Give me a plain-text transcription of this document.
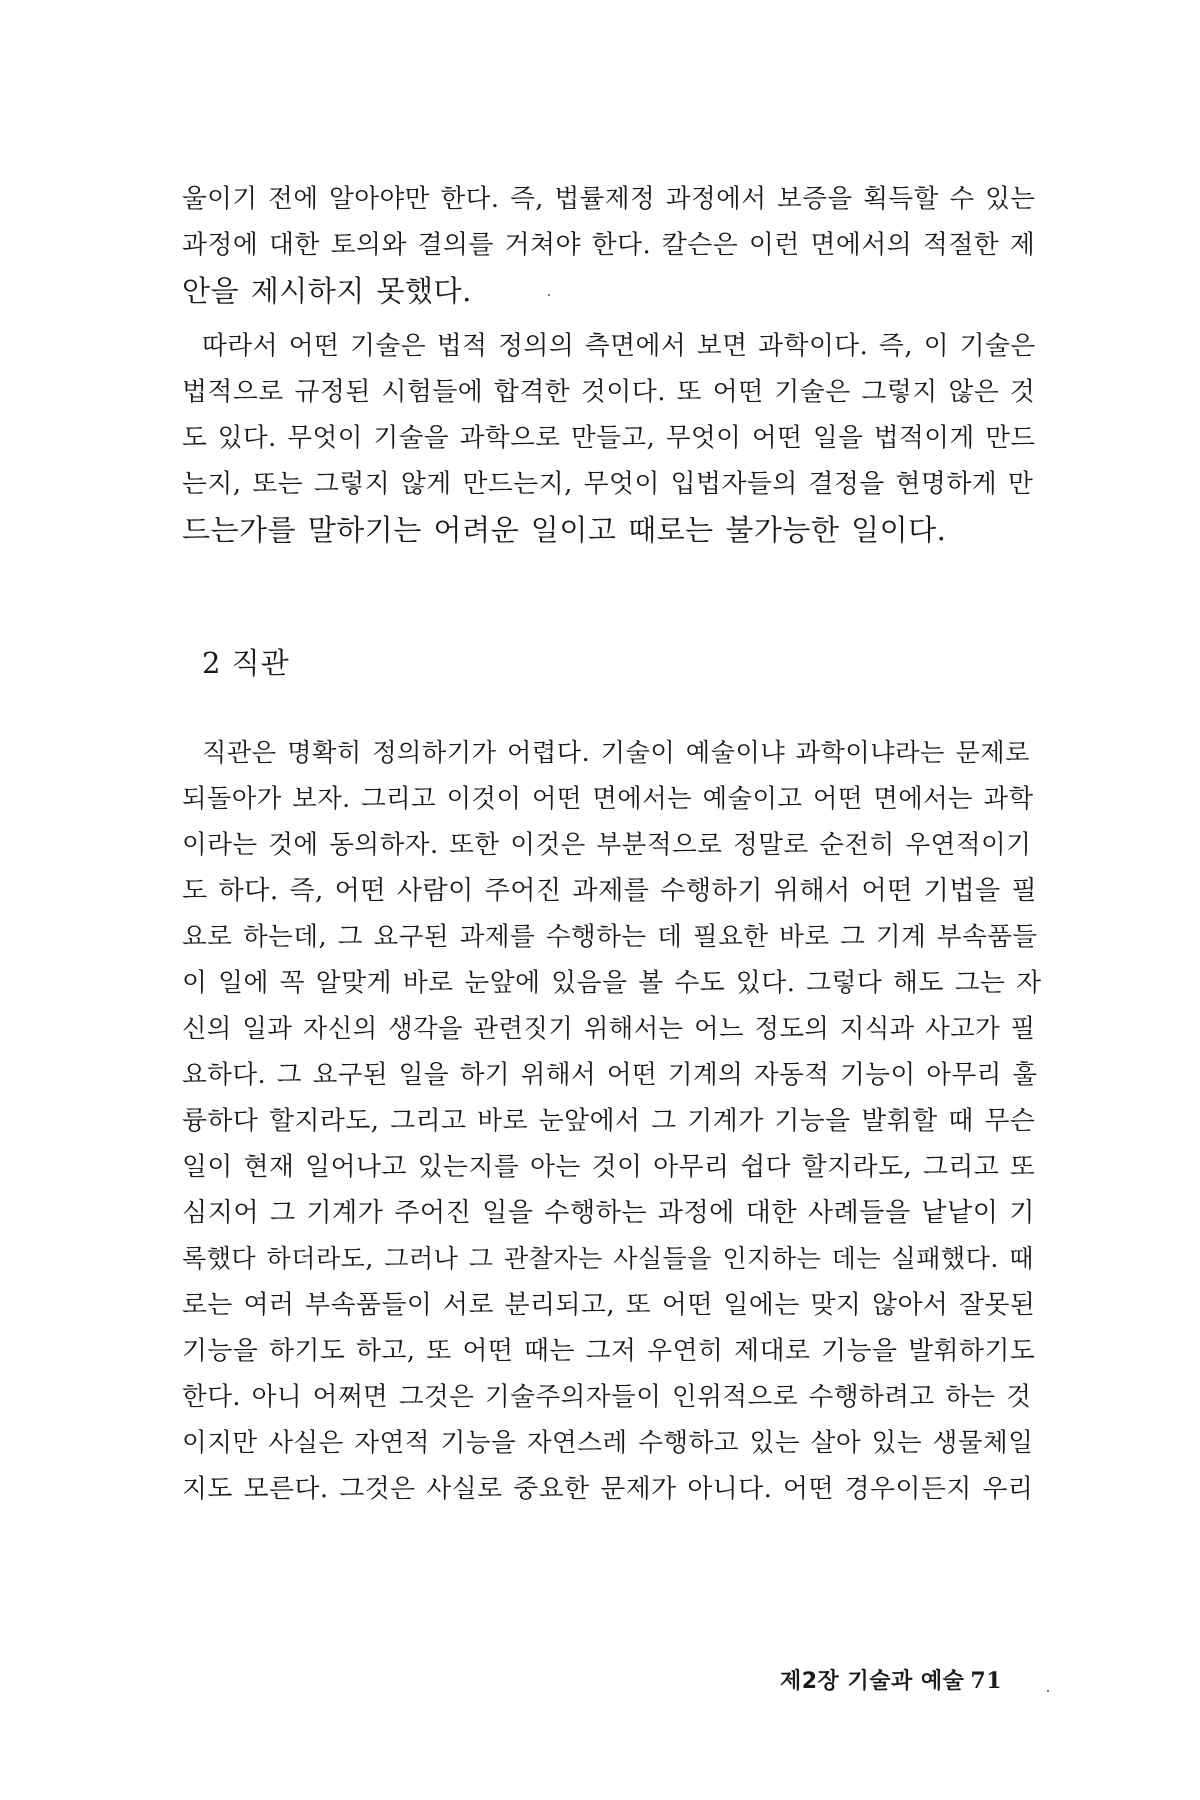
울이기 전에 알아야만 한다. 즉, 법률제정 과정에서 보증을 획득할 수 있는
과정에 대한 토의와 결의를 거쳐야 한다. 칼슨은 이런 면에서의 적절한 제
안을 제시하지 못했다.
따라서 어떤 기술은 법적 정의의 측면에서 보면 과학이다. 즉, 이 기술은
법적으로 규정된 시험들에 합격한 것이다. 또 어떤 기술은 그렇지 않은 것
도 있다. 무엇이 기술을 과학으로 만들고, 무엇이 어떤 일을 법적이게 만드
는지, 또는 그렇지 않게 만드는지, 무엇이 입법자들의 결정을 현명하게 만
드는가를 말하기는 어려운 일이고 때로는 불가능한 일이다.
2 직관
직관은 명확히 정의하기가 어렵다. 기술이 예술이냐 과학이냐라는 문제로
되돌아가 보자. 그리고 이것이 어떤 면에서는 예술이고 어떤 면에서는 과학
이라는 것에 동의하자. 또한 이것은 부분적으로 정말로 순전히 우연적이기
도 하다. 즉, 어떤 사람이 주어진 과제를 수행하기 위해서 어떤 기법을 필
요로 하는데, 그 요구된 과제를 수행하는 데 필요한 바로 그 기계 부속품들
이 일에 꼭 알맞게 바로 눈앞에 있음을 볼 수도 있다. 그렇다 해도 그는 자
신의 일과 자신의 생각을 관련짓기 위해서는 어느 정도의 지식과 사고가 필
요하다. 그 요구된 일을 하기 위해서 어떤 기계의 자동적 기능이 아무리 훌
륭하다 할지라도, 그리고 바로 눈앞에서 그 기계가 기능을 발휘할 때 무슨
일이 현재 일어나고 있는지를 아는 것이 아무리 쉽다 할지라도, 그리고 또
심지어 그 기계가 주어진 일을 수행하는 과정에 대한 사례들을 낱낱이 기
록했다 하더라도, 그러나 그 관찰자는 사실들을 인지하는 데는 실패했다. 때
로는 여러 부속품들이 서로 분리되고, 또 어떤 일에는 맞지 않아서 잘못된
기능을 하기도 하고, 또 어떤 때는 그저 우연히 제대로 기능을 발휘하기도
한다. 아니 어쩌면 그것은 기술주의자들이 인위적으로 수행하려고 하는 것
이지만 사실은 자연적 기능을 자연스레 수행하고 있는 살아 있는 생물체일
지도 모른다. 그것은 사실로 중요한 문제가 아니다. 어떤 경우이든지 우리
제2장 기술과 예술 71
